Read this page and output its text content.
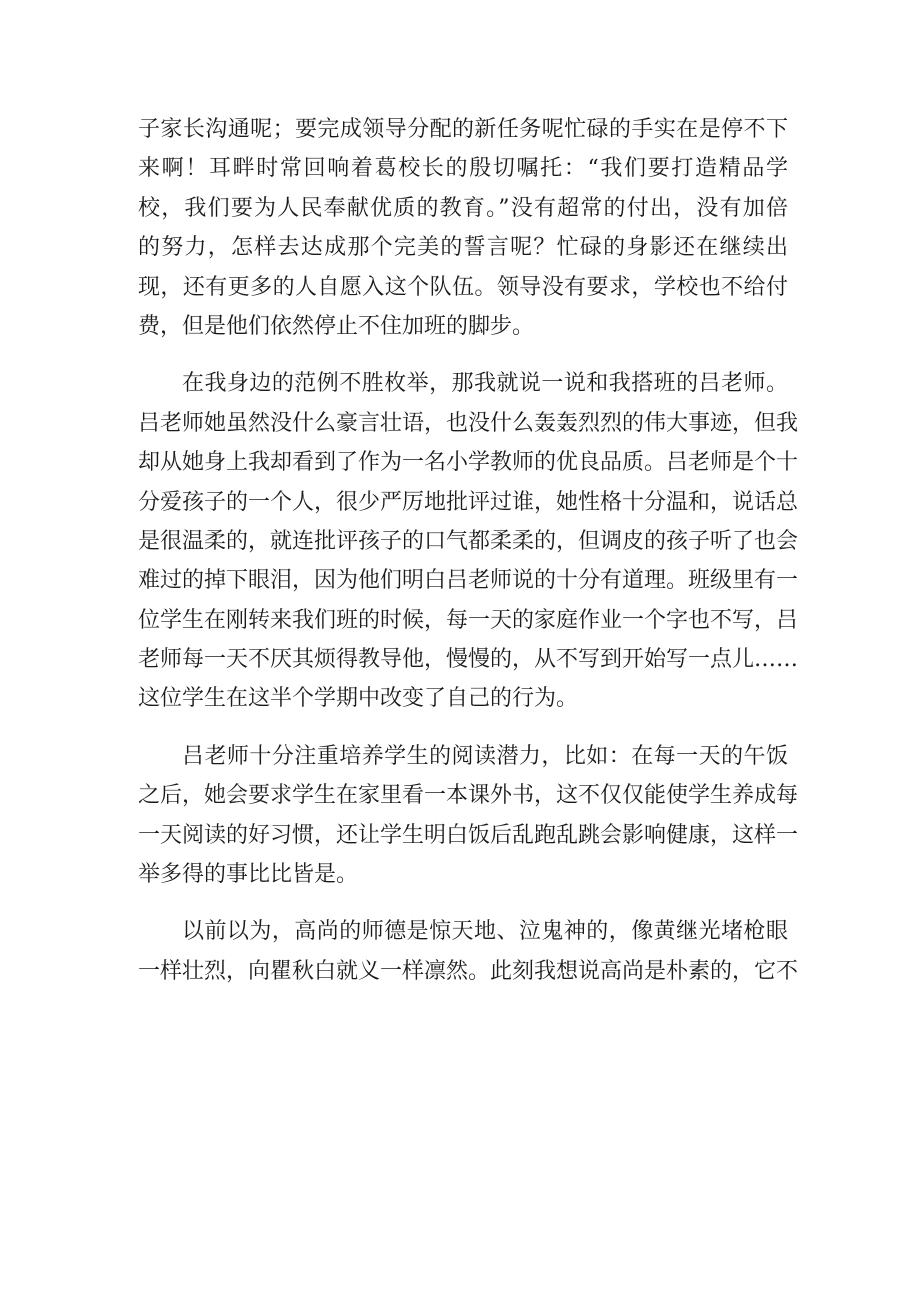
子家长沟通呢；要完成领导分配的新任务呢忙碌的手实在是停不下
来啊！耳畔时常回响着葛校长的殷切嘱托：“我们要打造精品学
校，我们要为人民奉献优质的教育。”没有超常的付出，没有加倍
的努力，怎样去达成那个完美的誓言呢？忙碌的身影还在继续出
现，还有更多的人自愿入这个队伍。领导没有要求，学校也不给付
费，但是他们依然停止不住加班的脚步。

在我身边的范例不胜枚举，那我就说一说和我搭班的吕老师。
吕老师她虽然没什么豪言壮语，也没什么轰轰烈烈的伟大事迹，但我
却从她身上我却看到了作为一名小学教师的优良品质。吕老师是个十
分爱孩子的一个人，很少严厉地批评过谁，她性格十分温和，说话总
是很温柔的，就连批评孩子的口气都柔柔的，但调皮的孩子听了也会
难过的掉下眼泪，因为他们明白吕老师说的十分有道理。班级里有一
位学生在刚转来我们班的时候，每一天的家庭作业一个字也不写，吕
老师每一天不厌其烦得教导他，慢慢的，从不写到开始写一点儿……
这位学生在这半个学期中改变了自己的行为。

吕老师十分注重培养学生的阅读潜力，比如：在每一天的午饭
之后，她会要求学生在家里看一本课外书，这不仅仅能使学生养成每
一天阅读的好习惯，还让学生明白饭后乱跑乱跳会影响健康，这样一
举多得的事比比皆是。

以前以为，高尚的师德是惊天地、泣鬼神的，像黄继光堵枪眼
一样壮烈，向瞿秋白就义一样凛然。此刻我想说高尚是朴素的，它不
